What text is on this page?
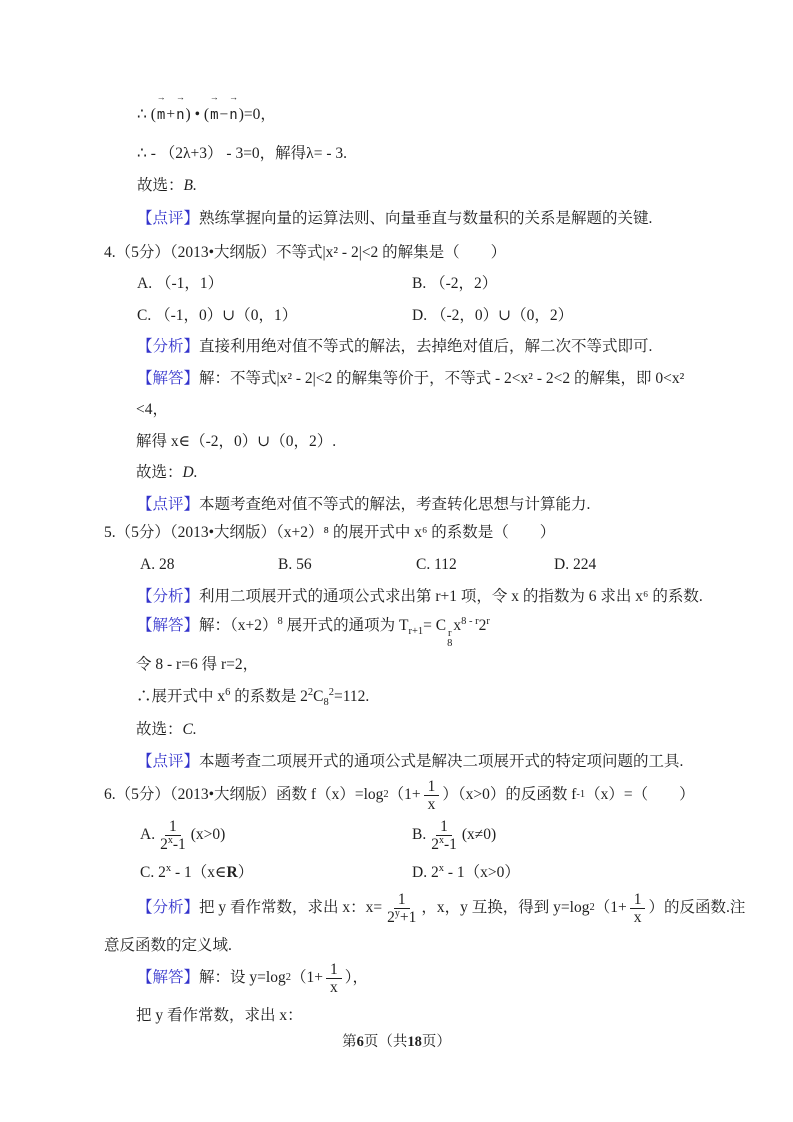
∴ (
→
m+
→
n) • (
→
m−
→
n)=0，
∴ - （2λ+3） - 3=0，解得λ= - 3.
故选：B.
【点评】熟练掌握向量的运算法则、向量垂直与数量积的关系是解题的关键.
4.（5分）（2013•大纲版）不等式|x² - 2|<2 的解集是（　　）
A. （-1，1）	B. （-2，2）
C. （-1，0）∪（0，1）	D. （-2，0）∪（0，2）
【分析】直接利用绝对值不等式的解法，去掉绝对值后，解二次不等式即可.
【解答】解：不等式|x² - 2|<2 的解集等价于，不等式 - 2<x² - 2<2 的解集，即 0<x²
<4，
解得 x∈（-2，0）∪（0，2）.
故选：D.
【点评】本题考查绝对值不等式的解法，考查转化思想与计算能力.
5.（5分）（2013•大纲版）（x+2）⁸ 的展开式中 x⁶ 的系数是（　　）
A. 28	B. 56	C. 112	D. 224
【分析】利用二项展开式的通项公式求出第 r+1 项，令 x 的指数为 6 求出 x⁶ 的系数.
【解答】解：$(x+2)^8$ 展开式的通项为 $T_{r+1}= C$ r
8
$x^{8 - r}2^r$
令 8 - r=6 得 r=2，
∴展开式中 $x^6$ 的系数是 $2^2C_8^2=112$.
故选：C.
【点评】本题考查二项展开式的通项公式是解决二项展开式的特定项问题的工具.
6.（5分）（2013•大纲版）函数 f（x）=log 2 $(1+ \frac{1}{x} )(x>0)$的反函数 f -1 （x）=（　　）
A. $\frac{1}{2^x-1} (x>0)$	B. $\frac{1}{2^x-1} (x\ne 0)$
C. 2$^x$ - 1（x∈R）	D. 2$^x$ - 1（x>0）
【分析】 把 y 看作常数，求出 x：$x= \frac{1}{2^y+1}$ ，x，y 互换，得到 y=log 2 （$1+ \frac{1}{x}$ ）的反函数.注
意反函数的定义域.
【解答】 解：设 y=log 2 （$1+ \frac{1}{x}$ ），
把 y 看作常数，求出 x：
第6页（共18页）
